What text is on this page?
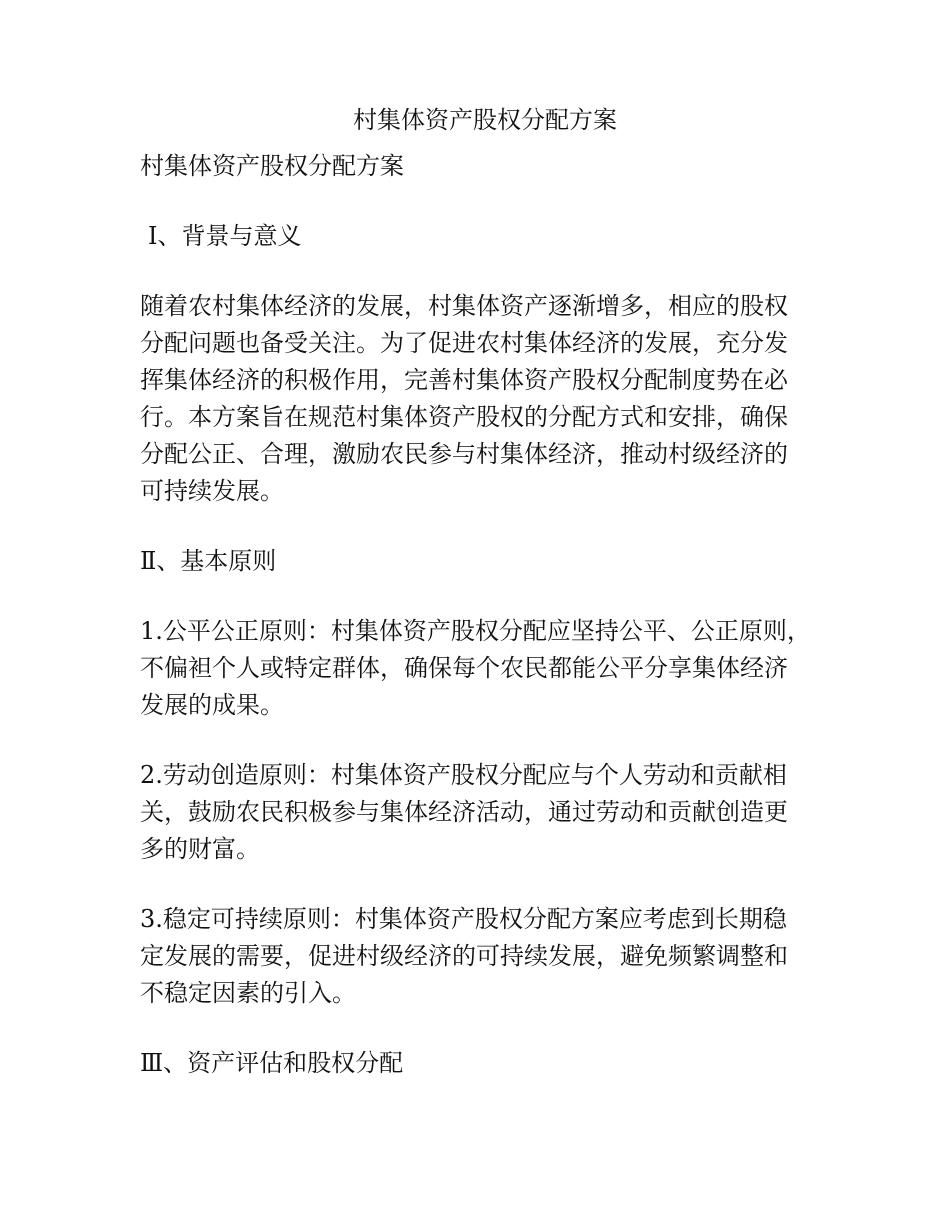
村集体资产股权分配方案

村集体资产股权分配方案

Ⅰ、背景与意义

随着农村集体经济的发展，村集体资产逐渐增多，相应的股权

分配问题也备受关注。为了促进农村集体经济的发展，充分发

挥集体经济的积极作用，完善村集体资产股权分配制度势在必

行。本方案旨在规范村集体资产股权的分配方式和安排，确保

分配公正、合理，激励农民参与村集体经济，推动村级经济的

可持续发展。

Ⅱ、基本原则

1.公平公正原则：村集体资产股权分配应坚持公平、公正原则，

不偏袒个人或特定群体，确保每个农民都能公平分享集体经济

发展的成果。

2.劳动创造原则：村集体资产股权分配应与个人劳动和贡献相

关，鼓励农民积极参与集体经济活动，通过劳动和贡献创造更

多的财富。

3.稳定可持续原则：村集体资产股权分配方案应考虑到长期稳

定发展的需要，促进村级经济的可持续发展，避免频繁调整和

不稳定因素的引入。

Ⅲ、资产评估和股权分配
